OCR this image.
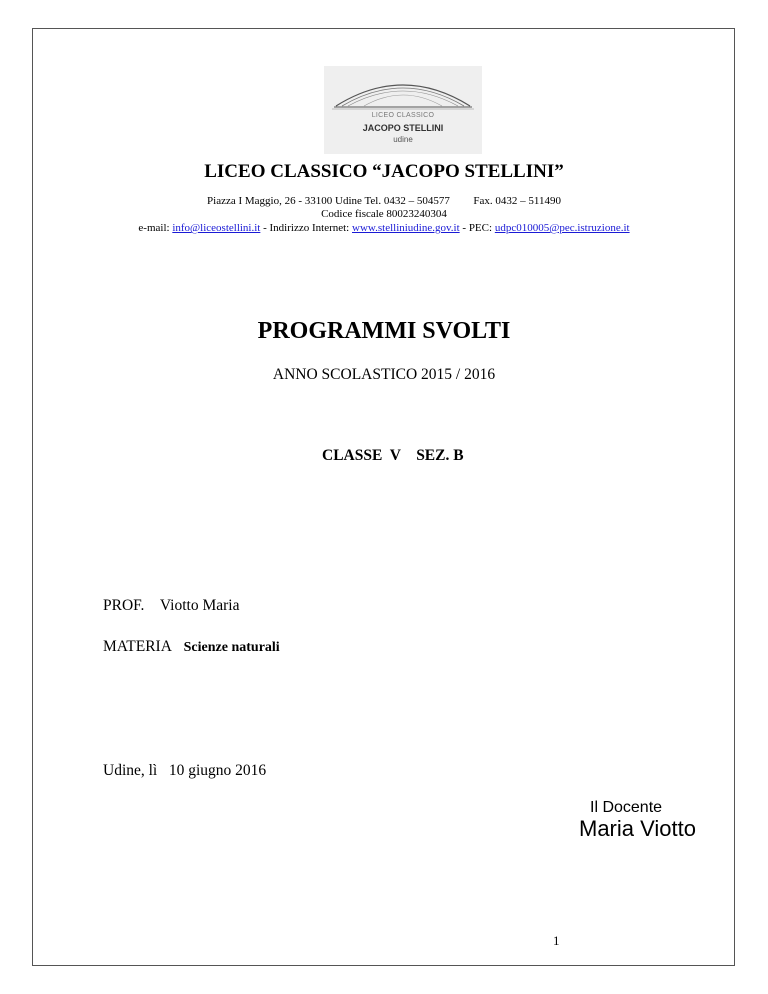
LICEO CLASSICO
JACOPO STELLINI
udine
LICEO CLASSICO “JACOPO STELLINI”
Piazza I Maggio, 26 - 33100 Udine Tel. 0432 – 504577 Fax. 0432 – 511490
Codice fiscale 80023240304
e-mail: info@liceostellini.it - Indirizzo Internet: www.stelliniudine.gov.it - PEC: udpc010005@pec.istruzione.it
PROGRAMMI SVOLTI
ANNO SCOLASTICO 2015 / 2016
CLASSE  V    SEZ. B
PROF. Viotto Maria
MATERIA Scienze naturali
Udine, lì   10 giugno 2016
Il Docente
Maria Viotto
1
